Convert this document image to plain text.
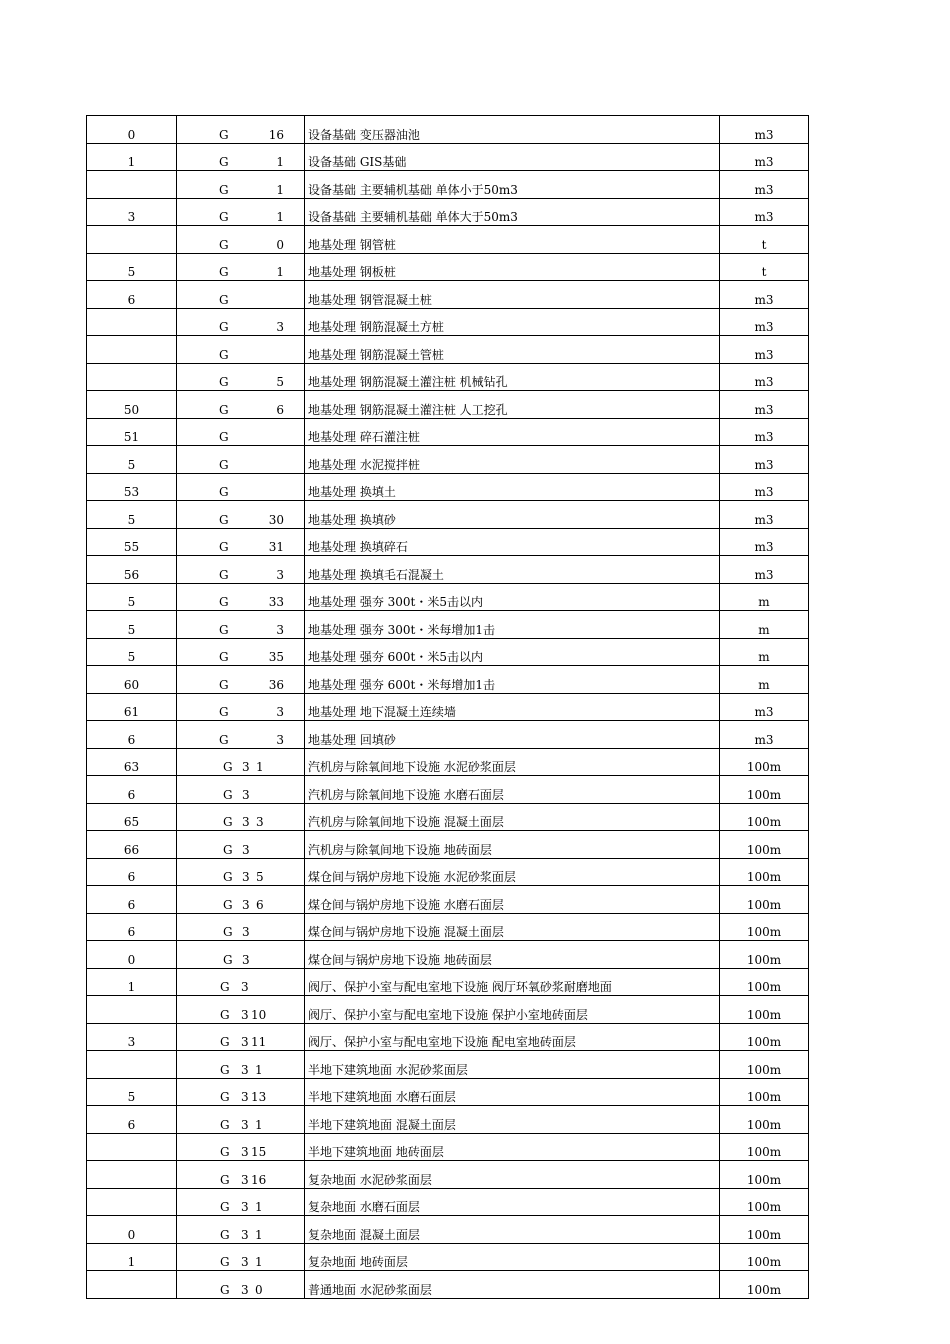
0	G 16	设备基础 变压器油池	m3
1	G 1	设备基础 GIS基础	m3

	G 1	设备基础 主要辅机基础 单体小于50m3	m3
3	G 1	设备基础 主要辅机基础 单体大于50m3	m3

	G 0	地基处理 钢管桩	t
5	G 1	地基处理 钢板桩	t
6	G	地基处理 钢管混凝土桩	m3

	G 3	地基处理 钢筋混凝土方桩	m3

	G	地基处理 钢筋混凝土管桩	m3

	G 5	地基处理 钢筋混凝土灌注桩 机械钻孔	m3
50	G 6	地基处理 钢筋混凝土灌注桩 人工挖孔	m3
51	G	地基处理 碎石灌注桩	m3
5	G	地基处理 水泥搅拌桩	m3
53	G	地基处理 换填土	m3
5	G 30	地基处理 换填砂	m3
55	G 31	地基处理 换填碎石	m3
56	G 3	地基处理 换填毛石混凝土	m3
5	G 33	地基处理 强夯 300t・米5击以内	m
5	G 3	地基处理 强夯 300t・米每增加1击	m
5	G 35	地基处理 强夯 600t・米5击以内	m
60	G 36	地基处理 强夯 600t・米每增加1击	m
61	G 3	地基处理 地下混凝土连续墙	m3
6	G 3	地基处理 回填砂	m3
63	G 3 1	汽机房与除氧间地下设施 水泥砂浆面层	100m
6	G 3	汽机房与除氧间地下设施 水磨石面层	100m
65	G 3 3	汽机房与除氧间地下设施 混凝土面层	100m
66	G 3	汽机房与除氧间地下设施 地砖面层	100m
6	G 3 5	煤仓间与锅炉房地下设施 水泥砂浆面层	100m
6	G 3 6	煤仓间与锅炉房地下设施 水磨石面层	100m
6	G 3	煤仓间与锅炉房地下设施 混凝土面层	100m
0	G 3	煤仓间与锅炉房地下设施 地砖面层	100m
1	G 3	阀厅、保护小室与配电室地下设施 阀厅环氧砂浆耐磨地面	100m

	G 3 10	阀厅、保护小室与配电室地下设施 保护小室地砖面层	100m
3	G 3 11	阀厅、保护小室与配电室地下设施 配电室地砖面层	100m

	G 3 1	半地下建筑地面 水泥砂浆面层	100m
5	G 3 13	半地下建筑地面 水磨石面层	100m
6	G 3 1	半地下建筑地面 混凝土面层	100m

	G 3 15	半地下建筑地面 地砖面层	100m

	G 3 16	复杂地面 水泥砂浆面层	100m

	G 3 1	复杂地面 水磨石面层	100m
0	G 3 1	复杂地面 混凝土面层	100m
1	G 3 1	复杂地面 地砖面层	100m

	G 3 0	普通地面 水泥砂浆面层	100m
